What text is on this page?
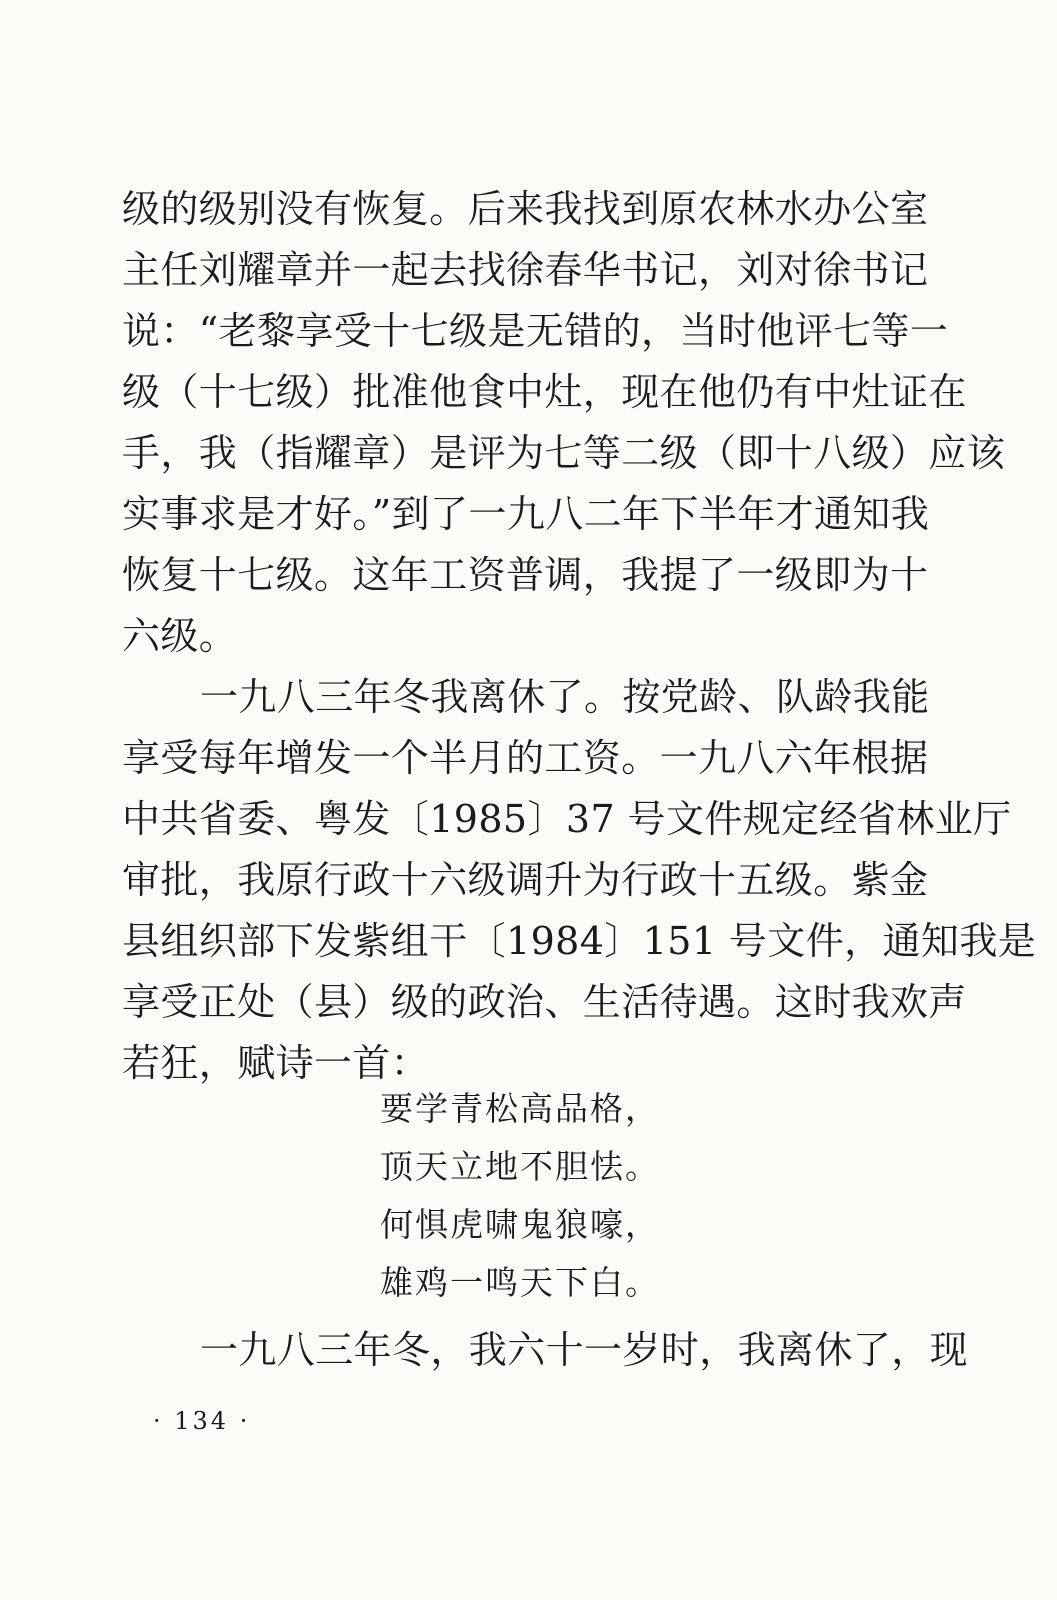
级的级别没有恢复。后来我找到原农林水办公室
主任刘耀章并一起去找徐春华书记，刘对徐书记
说：“老黎享受十七级是无错的，当时他评七等一
级（十七级）批准他食中灶，现在他仍有中灶证在
手，我（指耀章）是评为七等二级（即十八级）应该
实事求是才好。”到了一九八二年下半年才通知我
恢复十七级。这年工资普调，我提了一级即为十
六级。
一九八三年冬我离休了。按党龄、队龄我能
享受每年增发一个半月的工资。一九八六年根据
中共省委、粤发〔1985〕37 号文件规定经省林业厅
审批，我原行政十六级调升为行政十五级。紫金
县组织部下发紫组干〔1984〕151 号文件，通知我是
享受正处（县）级的政治、生活待遇。这时我欢声
若狂，赋诗一首：
要学青松高品格，
顶天立地不胆怯。
何惧虎啸鬼狼嚎，
雄鸡一鸣天下白。
一九八三年冬，我六十一岁时，我离休了，现
· 134 ·
